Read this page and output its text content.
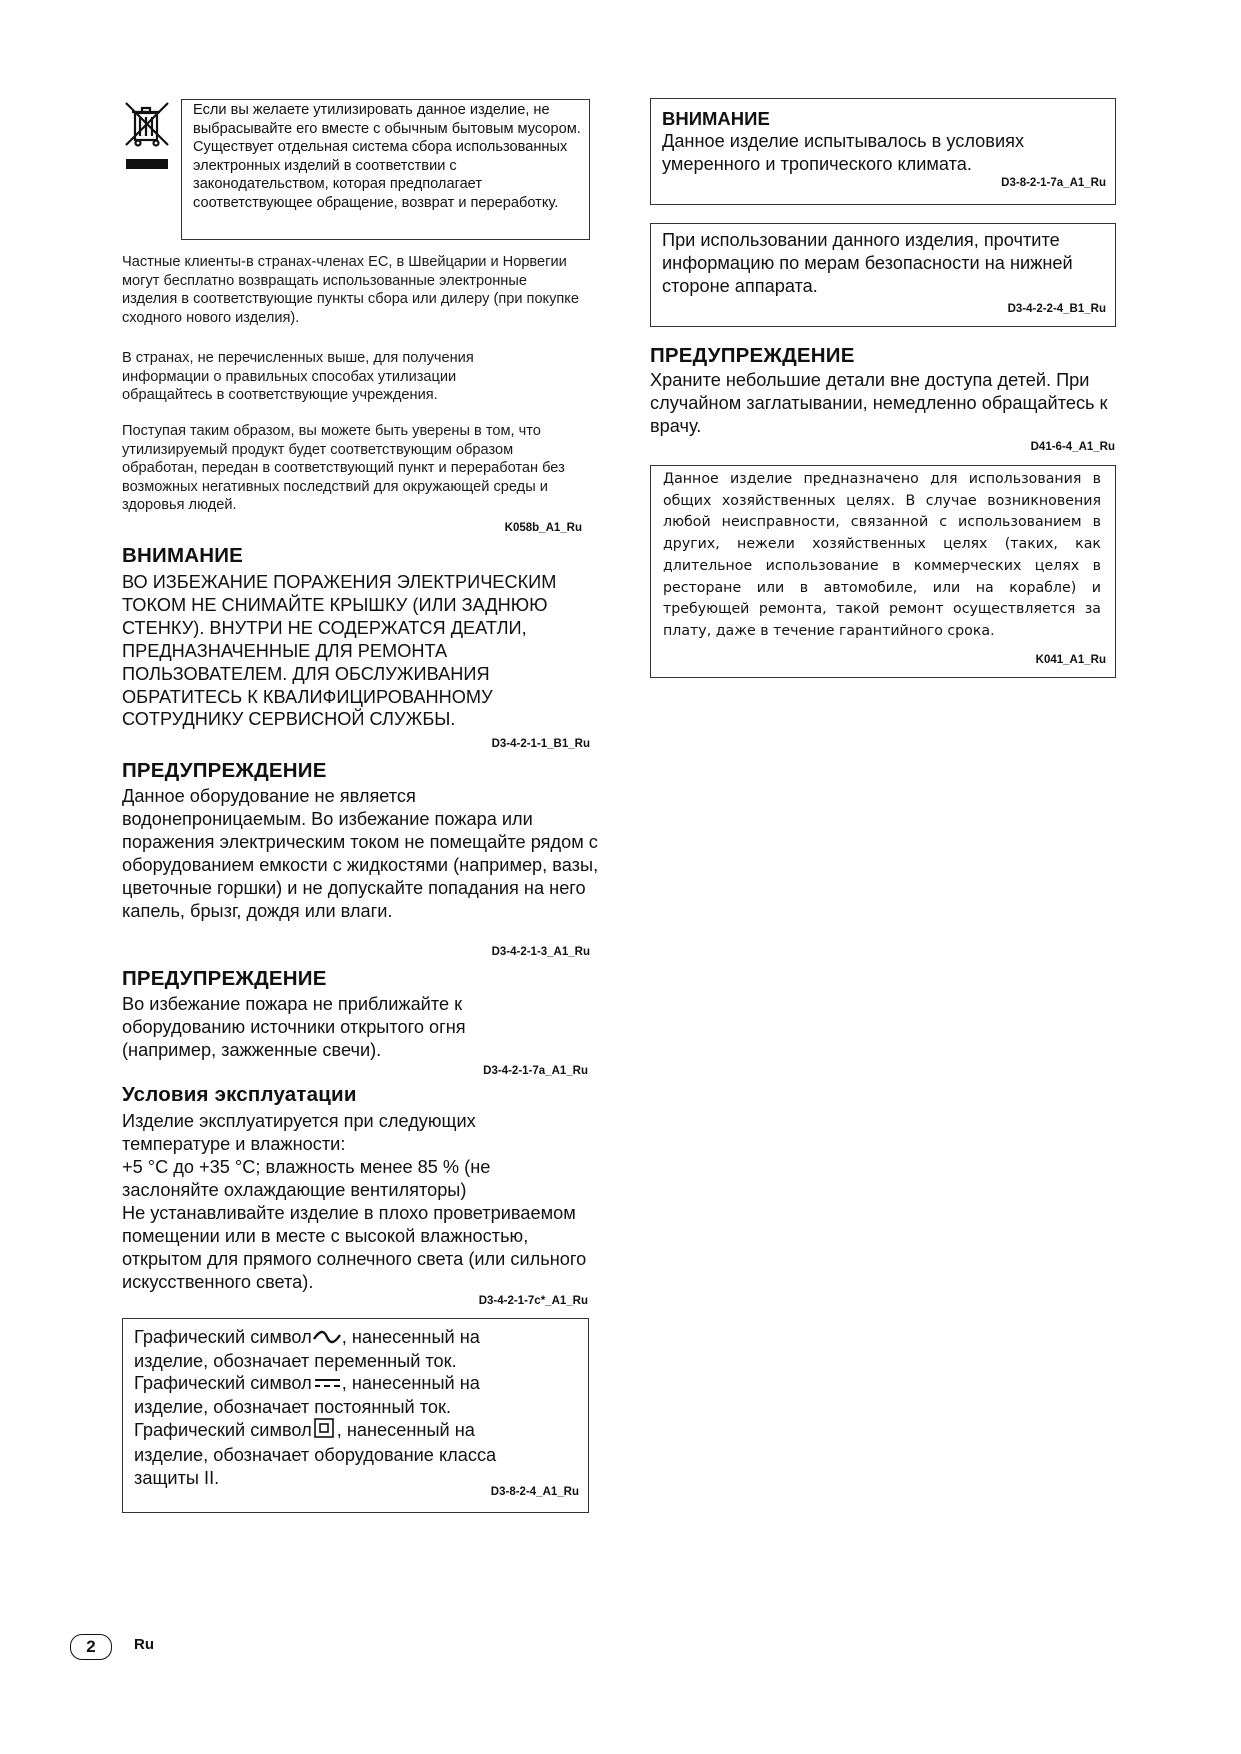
Если вы желаете утилизировать данное изделие, не выбрасывайте его вместе с обычным бытовым мусором. Существует отдельная система сбора использованных электронных изделий в соответствии с законодательством, которая предполагает соответствующее обращение, возврат и переработку.

Частные клиенты-в странах-членах ЕС, в Швейцарии и Норвегии могут бесплатно возвращать использованные электронные изделия в соответствующие пункты сбора или дилеру (при покупке сходного нового изделия).

В странах, не перечисленных выше, для получения информации о правильных способах утилизации обращайтесь в соответствующие учреждения.

Поступая таким образом, вы можете быть уверены в том, что утилизируемый продукт будет соответствующим образом обработан, передан в соответствующий пункт и переработан без возможных негативных последствий для окружающей среды и здоровья людей.

K058b_A1_Ru
ВНИМАНИЕ

ВО ИЗБЕЖАНИЕ ПОРАЖЕНИЯ ЭЛЕКТРИЧЕСКИМ ТОКОМ НЕ СНИМАЙТЕ КРЫШКУ (ИЛИ ЗАДНЮЮ СТЕНКУ). ВНУТРИ НЕ СОДЕРЖАТСЯ ДЕАТЛИ, ПРЕДНАЗНАЧЕННЫЕ ДЛЯ РЕМОНТА ПОЛЬЗОВАТЕЛЕМ. ДЛЯ ОБСЛУЖИВАНИЯ ОБРАТИТЕСЬ К КВАЛИФИЦИРОВАННОМУ СОТРУДНИКУ СЕРВИСНОЙ СЛУЖБЫ.

D3-4-2-1-1_B1_Ru
ПРЕДУПРЕЖДЕНИЕ

Данное оборудование не является водонепроницаемым. Во избежание пожара или поражения электрическим током не помещайте рядом с оборудованием емкости с жидкостями (например, вазы, цветочные горшки) и не допускайте попадания на него капель, брызг, дождя или влаги.

D3-4-2-1-3_A1_Ru
ПРЕДУПРЕЖДЕНИЕ

Во избежание пожара не приближайте к оборудованию источники открытого огня (например, зажженные свечи).

D3-4-2-1-7a_A1_Ru
Условия эксплуатации

Изделие эксплуатируется при следующих температуре и влажности:

+5 °C до +35 °C; влажность менее 85 % (не заслоняйте охлаждающие вентиляторы)

Не устанавливайте изделие в плохо проветриваемом помещении или в месте с высокой влажностью, открытом для прямого солнечного света (или сильного искусственного света).

D3-4-2-1-7c*_A1_Ru
Графический символ , нанесенный на изделие, обозначает переменный ток.
Графический символ , нанесенный на изделие, обозначает постоянный ток.
Графический символ , нанесенный на изделие, обозначает оборудование класса защиты II.
D3-8-2-4_A1_Ru
ВНИМАНИЕ

Данное изделие испытывалось в условиях умеренного и тропического климата.

D3-8-2-1-7a_A1_Ru

При использовании данного изделия, прочтите информацию по мерам безопасности на нижней стороне аппарата.

D3-4-2-2-4_B1_Ru
ПРЕДУПРЕЖДЕНИЕ

Храните небольшие детали вне доступа детей. При случайном заглатывании, немедленно обращайтесь к врачу.

D41-6-4_A1_Ru

Данное изделие предназначено для использования в общих хозяйственных целях. В случае возникновения любой неисправности, связанной с использованием в других, нежели хозяйственных целях (таких, как длительное использование в коммерческих целях в ресторане или в автомобиле, или на корабле) и требующей ремонта, такой ремонт осуществляется за плату, даже в течение гарантийного срока.

K041_A1_Ru
2	Ru
